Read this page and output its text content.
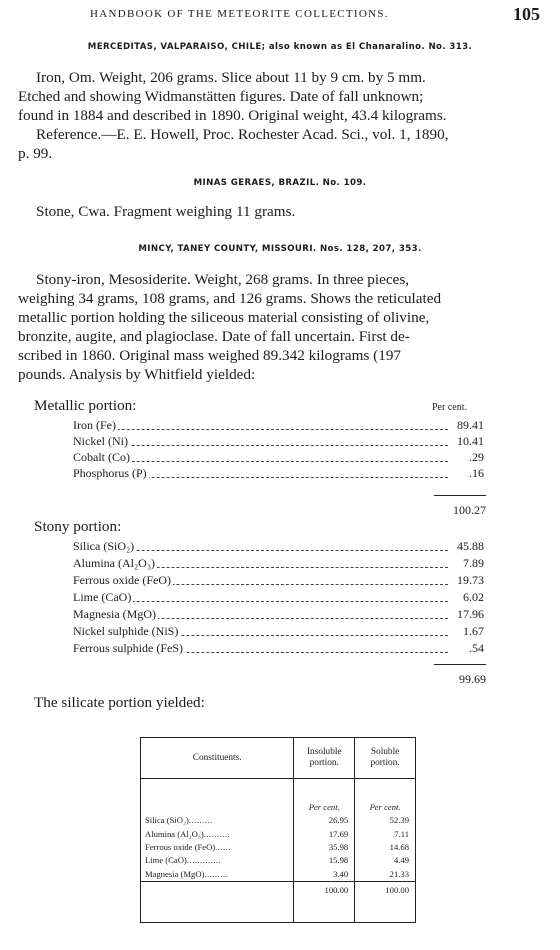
HANDBOOK OF THE METEORITE COLLECTIONS.	105
MERCEDITAS, VALPARAISO, CHILE; also known as El Chanaralino. No. 313.
Iron, Om. Weight, 206 grams. Slice about 11 by 9 cm. by 5 mm.
Etched and showing Widmanstätten figures. Date of fall unknown;
found in 1884 and described in 1890. Original weight, 43.4 kilograms.
Reference.—E. E. Howell, Proc. Rochester Acad. Sci., vol. 1, 1890,
p. 99.
MINAS GERAES, BRAZIL. No. 109.
Stone, Cwa. Fragment weighing 11 grams.
MINCY, TANEY COUNTY, MISSOURI. Nos. 128, 207, 353.
Stony-iron, Mesosiderite. Weight, 268 grams. In three pieces,
weighing 34 grams, 108 grams, and 126 grams. Shows the reticulated
metallic portion holding the siliceous material consisting of olivine,
bronzite, augite, and plagioclase. Date of fall uncertain. First de-
scribed in 1860. Original mass weighed 89.342 kilograms (197
pounds. Analysis by Whitfield yielded:
Metallic portion:	Per cent.
Iron (Fe)	89.41
Nickel (Ni)	10.41
Cobalt (Co)	.29
Phosphorus (P)	.16
100.27
Stony portion:
Silica (SiO₂)	45.88
Alumina (Al₂O₃)	7.89
Ferrous oxide (FeO)	19.73
Lime (CaO)	6.02
Magnesia (MgO)	17.96
Nickel sulphide (NiS)	1.67
Ferrous sulphide (FeS)	.54
99.69
The silicate portion yielded:
Constituents.	Insoluble portion.	Soluble portion.

	Per cent.	Per cent.
Silica (SiO₂).........	26.95	52.39
Alumina (Al₂O₃)..........	17.69	7.11
Ferrous oxide (FeO)......	35.98	14.68
Lime (CaO).............	15.98	4.49
Magnesia (MgO).........	3.40	21.33
	100.00	100.00
